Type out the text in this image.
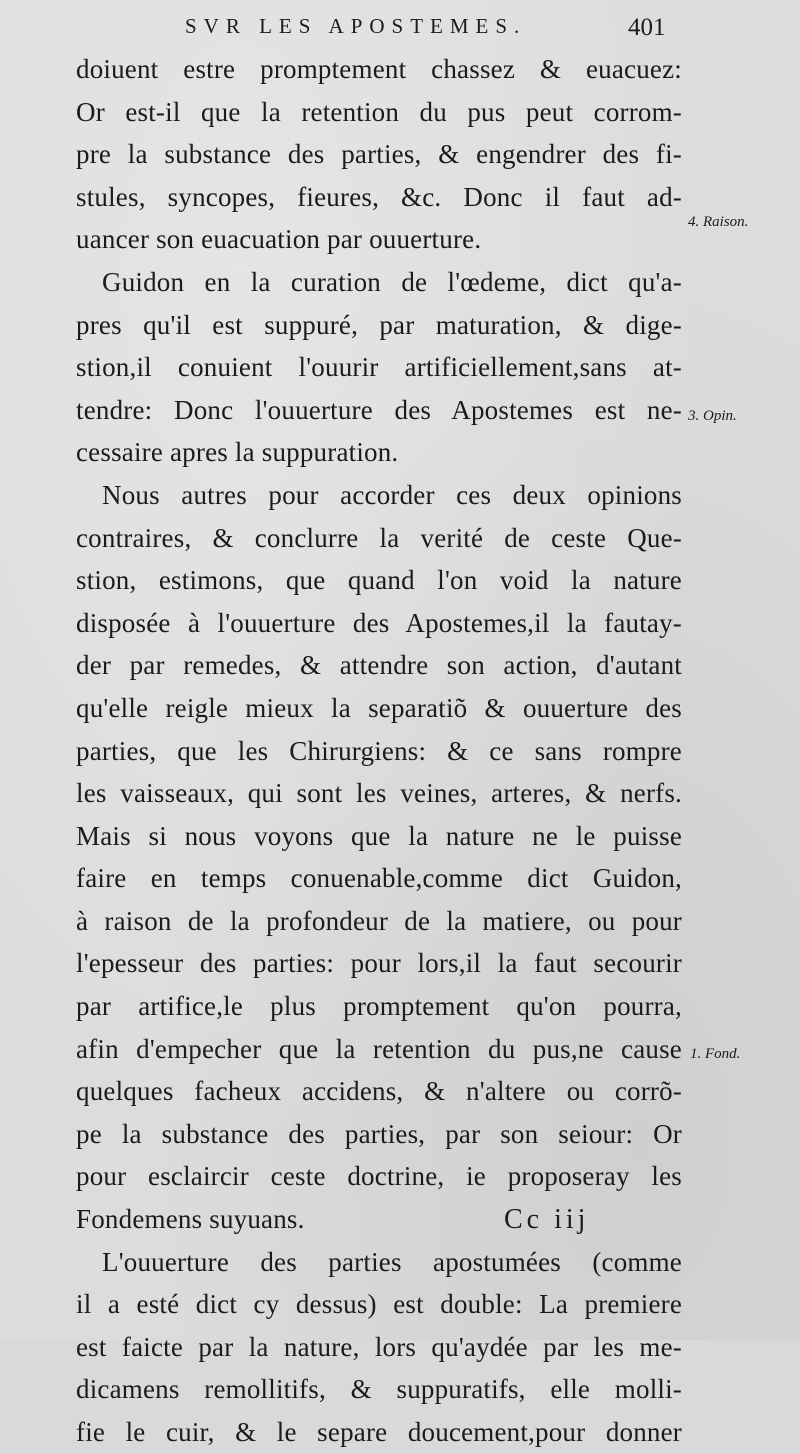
SVR LES APOSTEMES.	401
doiuent estre promptement chassez & euacuez:
Or est-il que la retention du pus peut corrom-
pre la substance des parties, & engendrer des fi-
stules, syncopes, fieures, &c. Donc il faut ad-
uancer son euacuation par ouuerture.
Guidon en la curation de l'œdeme, dict qu'a-
pres qu'il est suppuré, par maturation, & dige-
stion,il conuient l'ouurir artificiellement,sans at-
tendre: Donc l'ouuerture des Apostemes est ne-
cessaire apres la suppuration.
Nous autres pour accorder ces deux opinions
contraires, & conclurre la verité de ceste Que-
stion, estimons, que quand l'on void la nature
disposée à l'ouuerture des Apostemes,il la fautay-
der par remedes, & attendre son action, d'autant
qu'elle reigle mieux la separatiõ & ouuerture des
parties, que les Chirurgiens: & ce sans rompre
les vaisseaux, qui sont les veines, arteres, & nerfs.
Mais si nous voyons que la nature ne le puisse
faire en temps conuenable,comme dict Guidon,
à raison de la profondeur de la matiere, ou pour
l'epesseur des parties: pour lors,il la faut secourir
par artifice,le plus promptement qu'on pourra,
afin d'empecher que la retention du pus,ne cause
quelques facheux accidens, & n'altere ou corrõ-
pe la substance des parties, par son seiour: Or
pour esclaircir ceste doctrine, ie proposeray les
Fondemens suyuans.
L'ouuerture des parties apostumées (comme
il a esté dict cy dessus) est double: La premiere
est faicte par la nature, lors qu'aydée par les me-
dicamens remollitifs, & suppuratifs, elle molli-
fie le cuir, & le separe doucement,pour donner
4. Raison.
3. Opin.
1. Fond.
Cc iij
